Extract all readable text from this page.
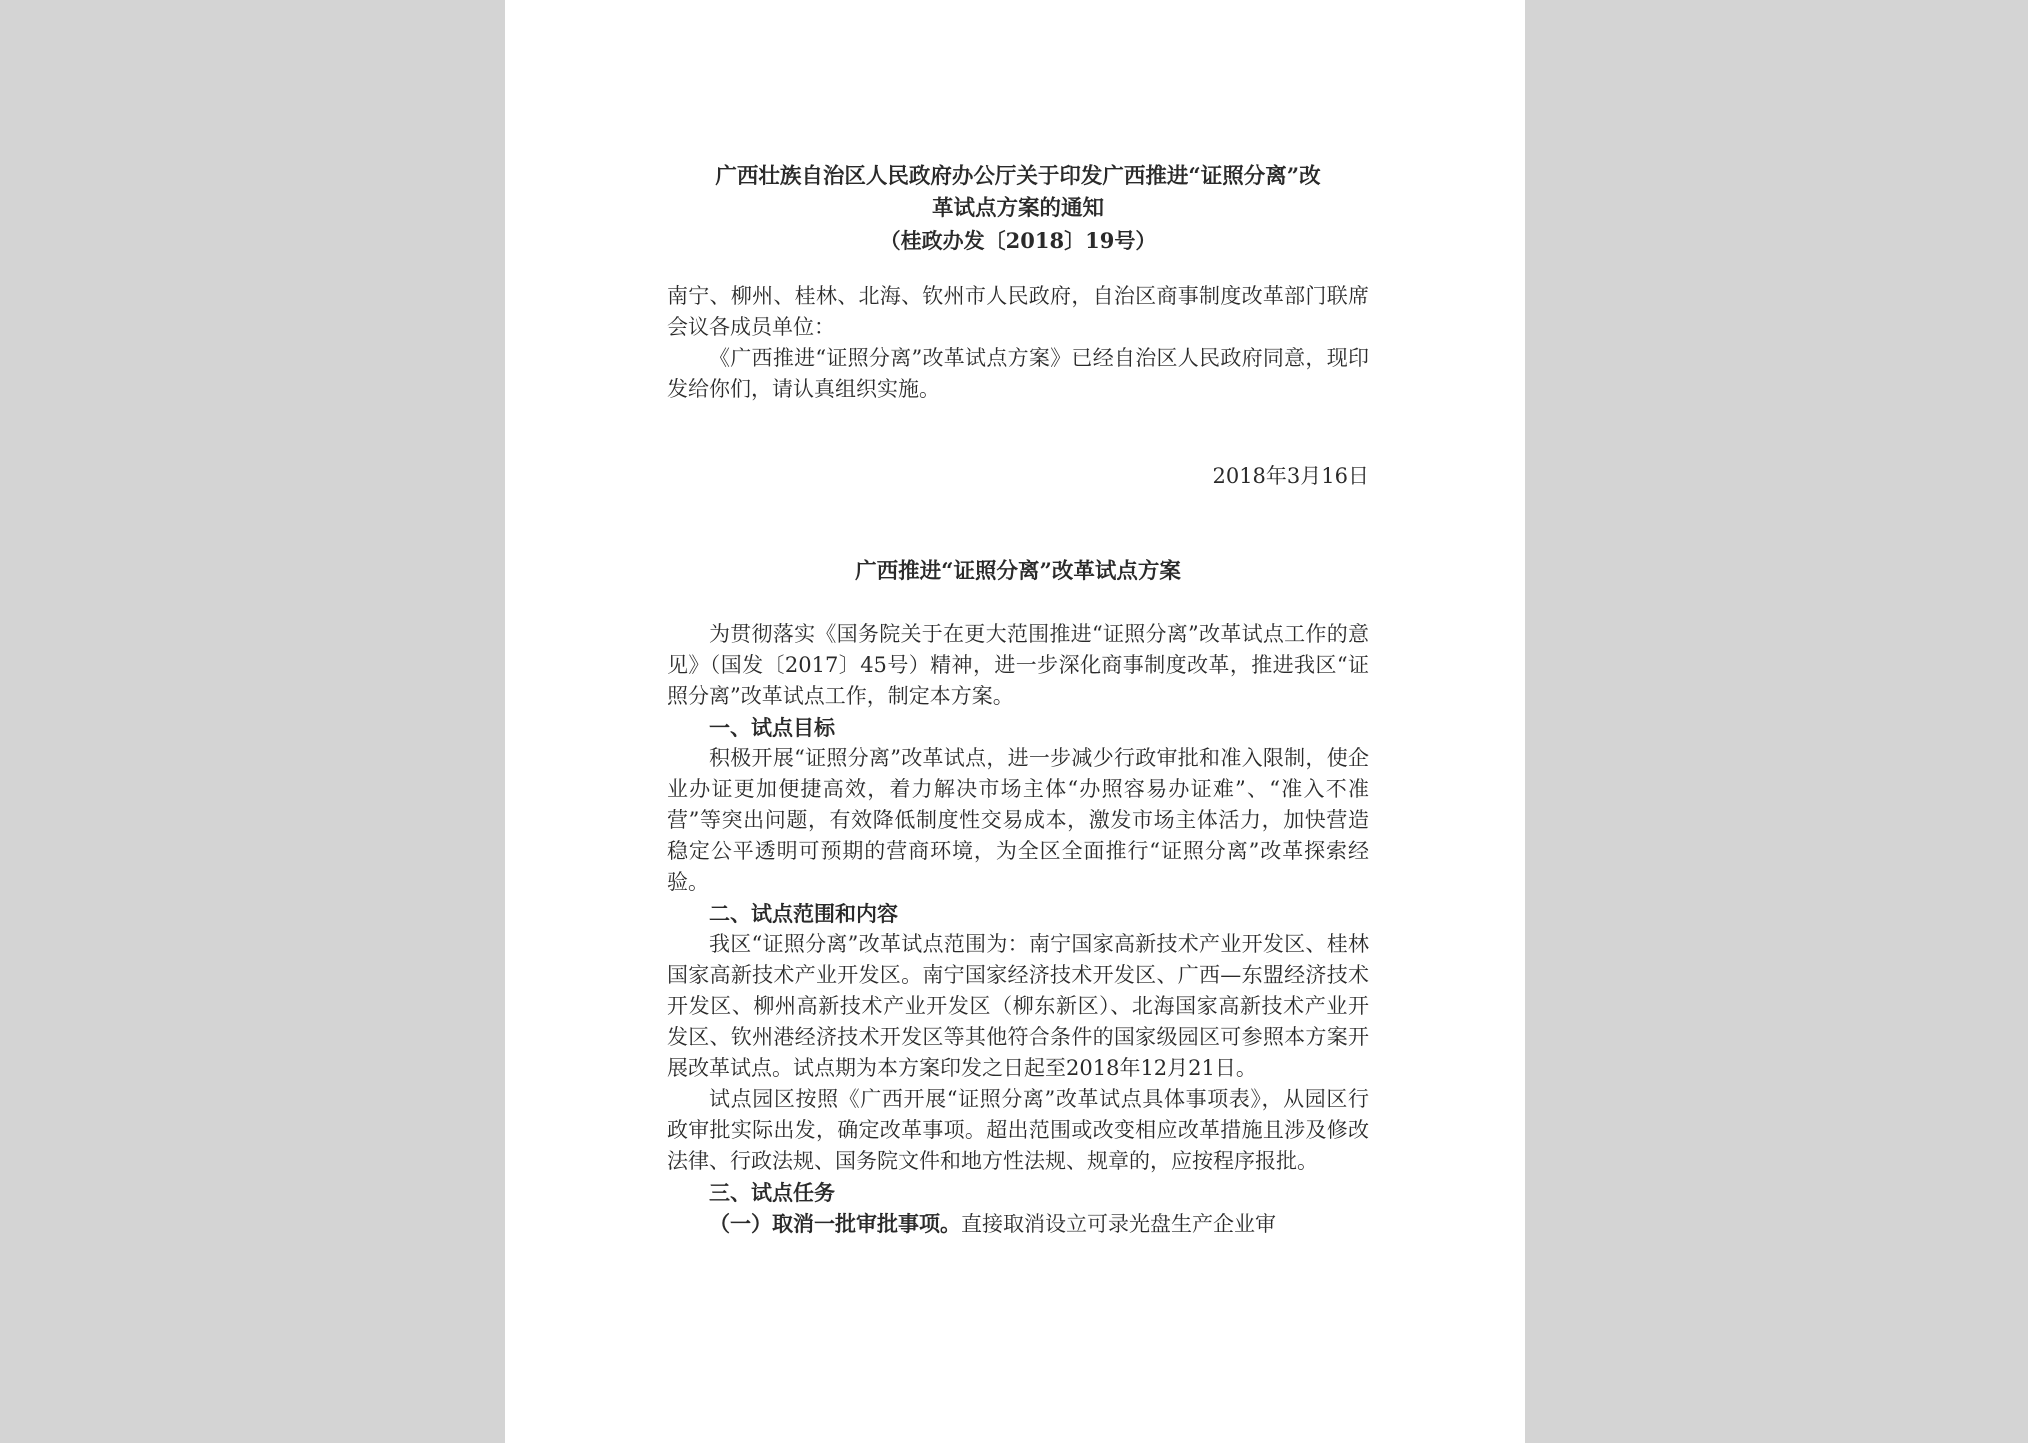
广西壮族自治区人民政府办公厅关于印发广西推进“证照分离”改
革试点方案的通知
（桂政办发〔2018〕19号）

南宁、柳州、桂林、北海、钦州市人民政府，自治区商事制度改革部门联席会议各成员单位：

《广西推进“证照分离”改革试点方案》已经自治区人民政府同意，现印发给你们，请认真组织实施。

2018年3月16日

广西推进“证照分离”改革试点方案

为贯彻落实《国务院关于在更大范围推进“证照分离”改革试点工作的意见》（国发〔2017〕45号）精神，进一步深化商事制度改革，推进我区“证照分离”改革试点工作，制定本方案。

一、试点目标

积极开展“证照分离”改革试点，进一步减少行政审批和准入限制，使企业办证更加便捷高效，着力解决市场主体“办照容易办证难”、“准入不准营”等突出问题，有效降低制度性交易成本，激发市场主体活力，加快营造稳定公平透明可预期的营商环境，为全区全面推行“证照分离”改革探索经验。

二、试点范围和内容

我区“证照分离”改革试点范围为：南宁国家高新技术产业开发区、桂林国家高新技术产业开发区。南宁国家经济技术开发区、广西—东盟经济技术开发区、柳州高新技术产业开发区（柳东新区）、北海国家高新技术产业开发区、钦州港经济技术开发区等其他符合条件的国家级园区可参照本方案开展改革试点。试点期为本方案印发之日起至2018年12月21日。

试点园区按照《广西开展“证照分离”改革试点具体事项表》，从园区行政审批实际出发，确定改革事项。超出范围或改变相应改革措施且涉及修改法律、行政法规、国务院文件和地方性法规、规章的，应按程序报批。

三、试点任务

（一）取消一批审批事项。直接取消设立可录光盘生产企业审
